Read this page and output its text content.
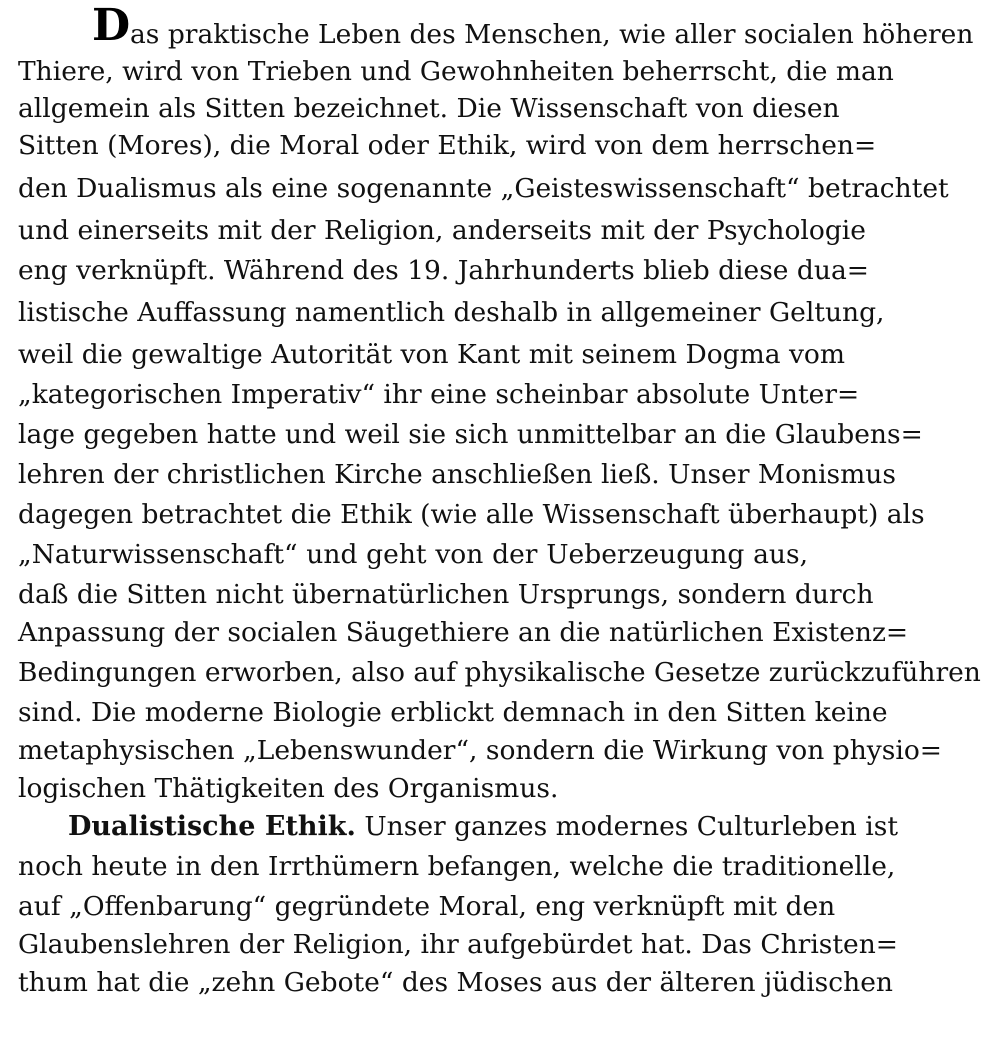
D as praktische Leben des Menschen, wie aller socialen höheren
Thiere, wird von Trieben und Gewohnheiten beherrscht, die man
allgemein als Sitten bezeichnet. Die Wissenschaft von diesen
Sitten (Mores), die Moral oder Ethik, wird von dem herrschen=
den Dualismus als eine sogenannte „Geisteswissenschaft“ betrachtet
und einerseits mit der Religion, anderseits mit der Psychologie
eng verknüpft. Während des 19. Jahrhunderts blieb diese dua=
listische Auffassung namentlich deshalb in allgemeiner Geltung,
weil die gewaltige Autorität von Kant mit seinem Dogma vom
„kategorischen Imperativ“ ihr eine scheinbar absolute Unter=
lage gegeben hatte und weil sie sich unmittelbar an die Glaubens=
lehren der christlichen Kirche anschließen ließ. Unser Monismus
dagegen betrachtet die Ethik (wie alle Wissenschaft überhaupt) als
„Naturwissenschaft“ und geht von der Ueberzeugung aus,
daß die Sitten nicht übernatürlichen Ursprungs, sondern durch
Anpassung der socialen Säugethiere an die natürlichen Existenz=
Bedingungen erworben, also auf physikalische Gesetze zurückzuführen
sind. Die moderne Biologie erblickt demnach in den Sitten keine
metaphysischen „Lebenswunder“, sondern die Wirkung von physio=
logischen Thätigkeiten des Organismus.
Dualistische Ethik. Unser ganzes modernes Culturleben ist
noch heute in den Irrthümern befangen, welche die traditionelle,
auf „Offenbarung“ gegründete Moral, eng verknüpft mit den
Glaubenslehren der Religion, ihr aufgebürdet hat. Das Christen=
thum hat die „zehn Gebote“ des Moses aus der älteren jüdischen
